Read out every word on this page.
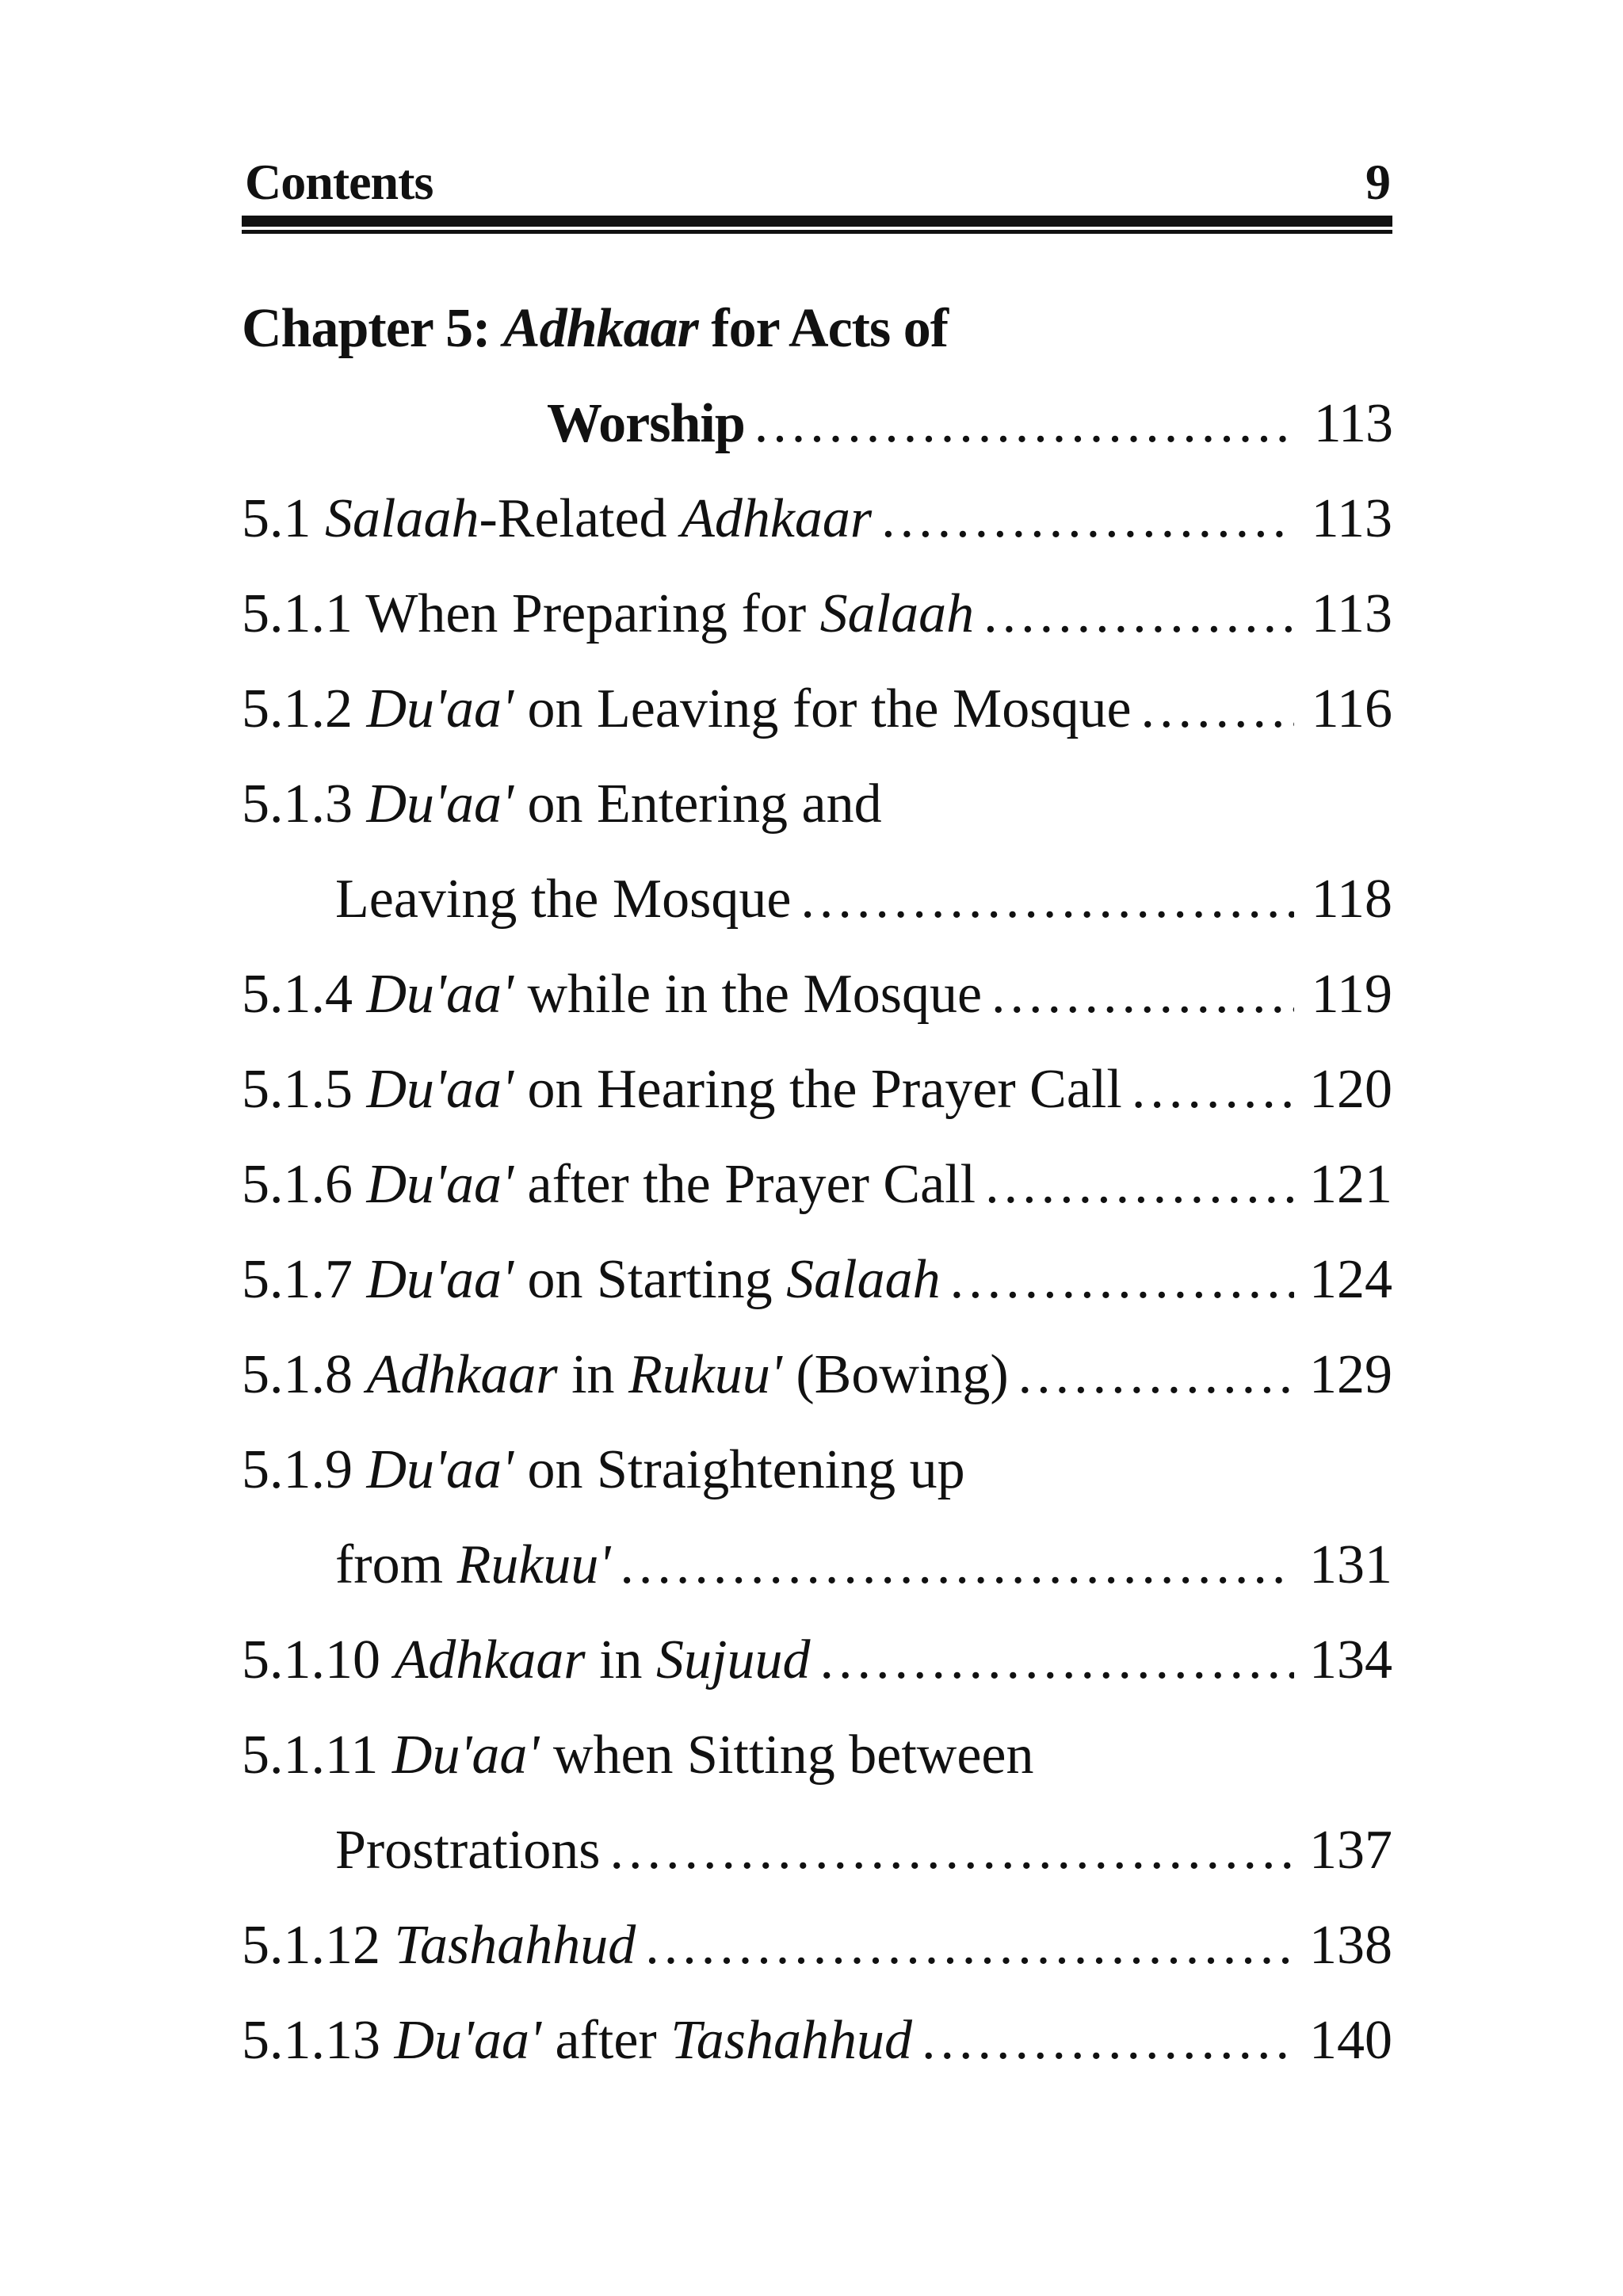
Contents	9
Chapter 5: Adhkaar for Acts of
Worship .....	113
5.1 Salaah-Related Adhkaar .....	113
5.1.1 When Preparing for Salaah .....	113
5.1.2 Du'aa' on Leaving for the Mosque .....	116
5.1.3 Du'aa' on Entering and
Leaving the Mosque .....	118
5.1.4 Du'aa' while in the Mosque .....	119
5.1.5 Du'aa' on Hearing the Prayer Call .....	120
5.1.6 Du'aa' after the Prayer Call .....	121
5.1.7 Du'aa' on Starting Salaah .....	124
5.1.8 Adhkaar in Rukuu' (Bowing) .....	129
5.1.9 Du'aa' on Straightening up
from Rukuu' .....	131
5.1.10 Adhkaar in Sujuud .....	134
5.1.11 Du'aa' when Sitting between
Prostrations .....	137
5.1.12 Tashahhud .....	138
5.1.13 Du'aa' after Tashahhud .....	140
